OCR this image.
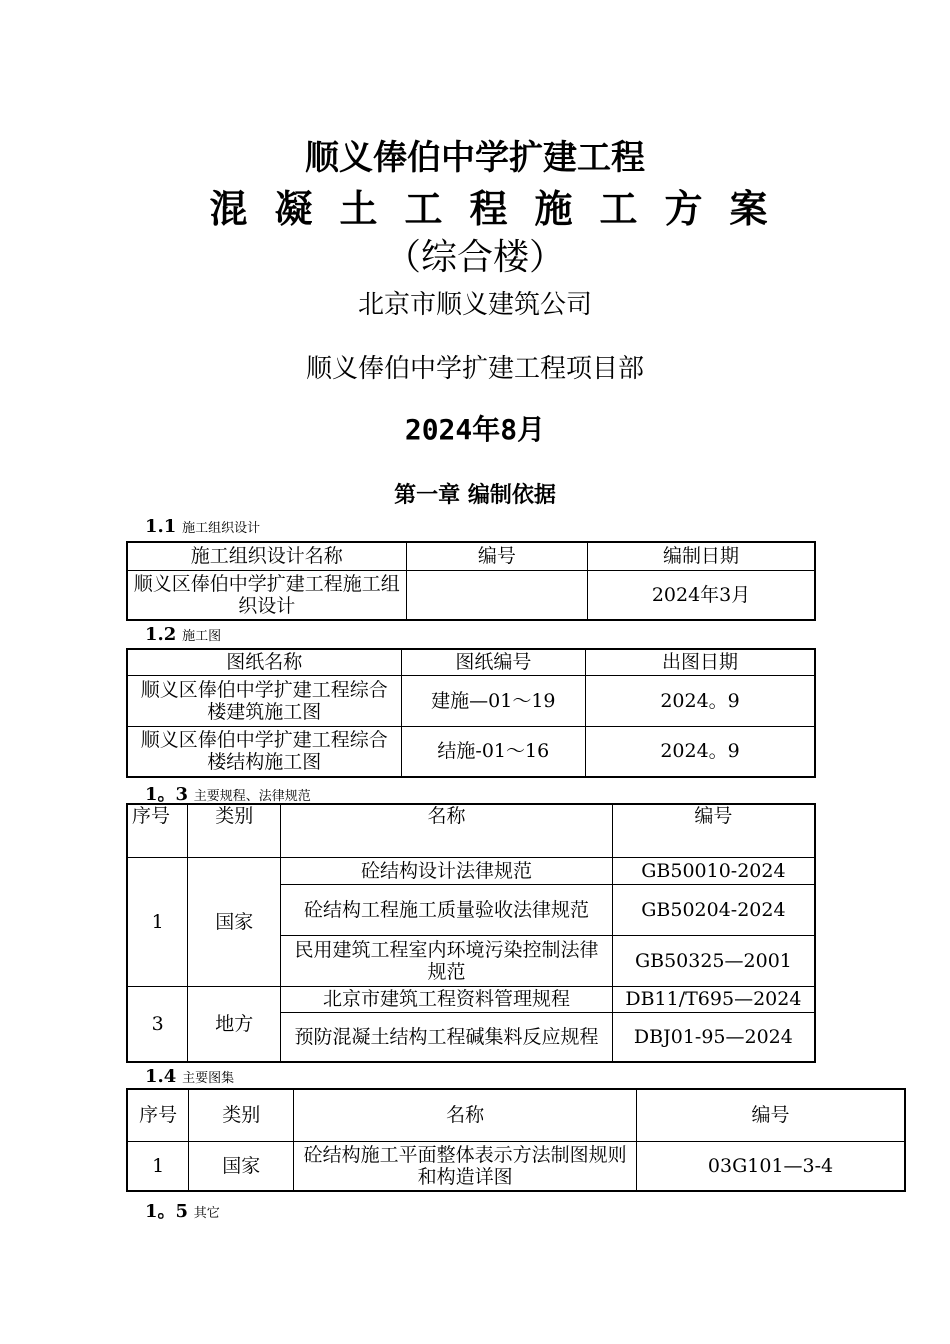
顺义俸伯中学扩建工程
混凝土工程施工方案
（综合楼）
北京市顺义建筑公司
顺义俸伯中学扩建工程项目部
2024年8月
第一章 编制依据
1.1 施工组织设计
施工组织设计名称	编号	编制日期
顺义区俸伯中学扩建工程施工组织设计		2024年3月
1.2 施工图
图纸名称	图纸编号	出图日期
顺义区俸伯中学扩建工程综合楼建筑施工图	建施—01～19	2024。9
顺义区俸伯中学扩建工程综合楼结构施工图	结施-01～16	2024。9
1。3 主要规程、法律规范
序号	类别	名称	编号
1	国家	砼结构设计法律规范	GB50010-2024
		砼结构工程施工质量验收法律规范	GB50204-2024
		民用建筑工程室内环境污染控制法律规范	GB50325—2001
3	地方	北京市建筑工程资料管理规程	DB11/T695—2024
		预防混凝土结构工程碱集料反应规程	DBJ01-95—2024
1.4 主要图集
序号	类别	名称	编号
1	国家	砼结构施工平面整体表示方法制图规则和构造详图	03G101—3-4
1。5 其它
